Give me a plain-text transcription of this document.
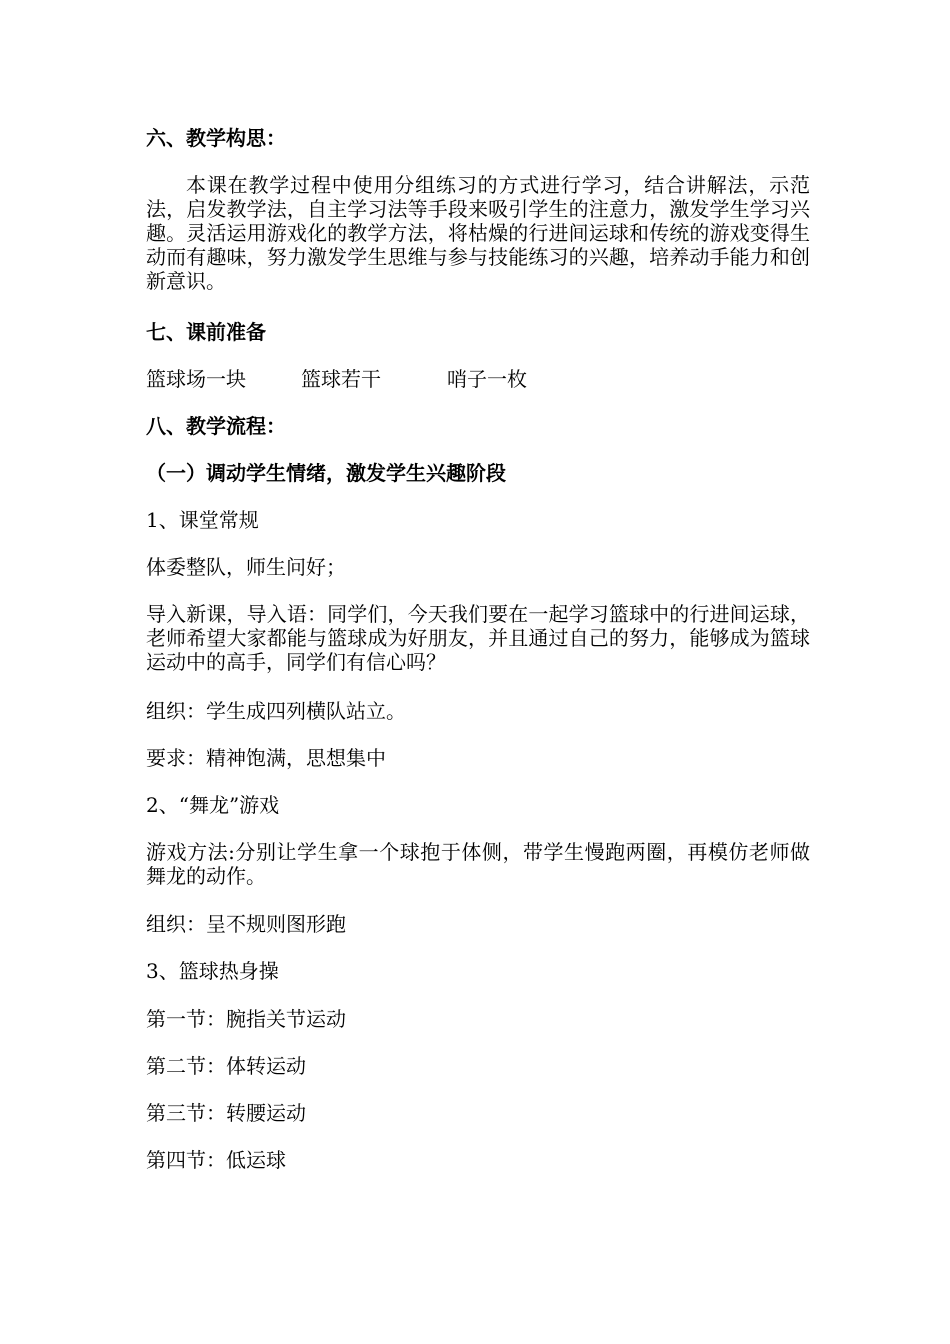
六、教学构思：
本课在教学过程中使用分组练习的方式进行学习，结合讲解法，示范法，启发教学法，自主学习法等手段来吸引学生的注意力，激发学生学习兴趣。灵活运用游戏化的教学方法，将枯燥的行进间运球和传统的游戏变得生动而有趣味，努力激发学生思维与参与技能练习的兴趣，培养动手能力和创新意识。
七、课前准备
篮球场一块	篮球若干	哨子一枚
八、教学流程：
（一）调动学生情绪，激发学生兴趣阶段
1、课堂常规
体委整队，师生问好；
导入新课，导入语：同学们，今天我们要在一起学习篮球中的行进间运球，老师希望大家都能与篮球成为好朋友，并且通过自己的努力，能够成为篮球运动中的高手，同学们有信心吗？
组织：学生成四列横队站立。
要求：精神饱满，思想集中
2、“舞龙”游戏
游戏方法:分别让学生拿一个球抱于体侧，带学生慢跑两圈，再模仿老师做舞龙的动作。
组织：呈不规则图形跑
3、篮球热身操
第一节：腕指关节运动
第二节：体转运动
第三节：转腰运动
第四节：低运球
